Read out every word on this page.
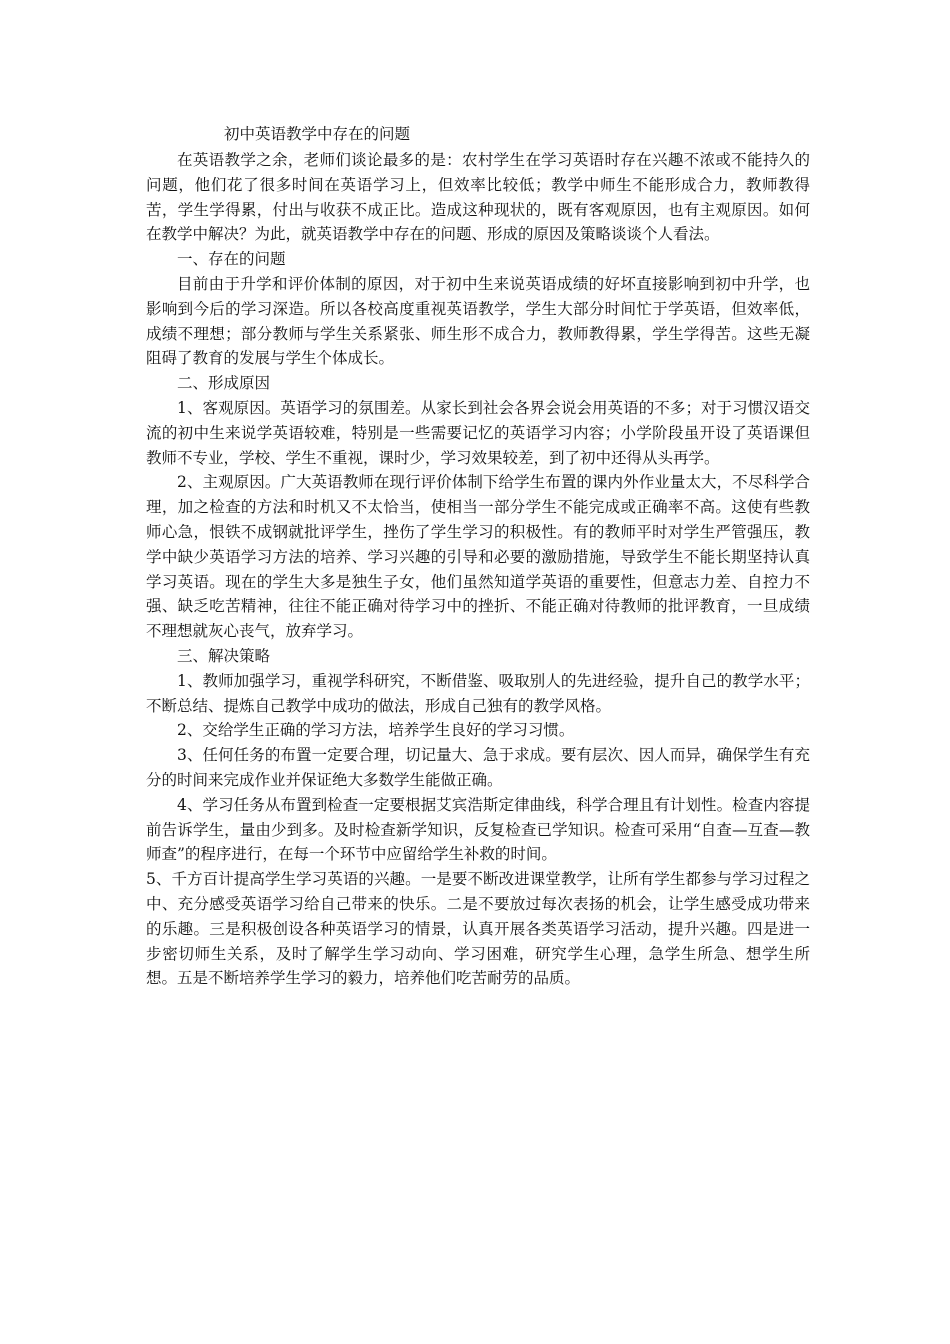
初中英语教学中存在的问题

在英语教学之余，老师们谈论最多的是：农村学生在学习英语时存在兴趣不浓或不能持久的问题，他们花了很多时间在英语学习上，但效率比较低；教学中师生不能形成合力，教师教得苦，学生学得累，付出与收获不成正比。造成这种现状的，既有客观原因，也有主观原因。如何在教学中解决？为此，就英语教学中存在的问题、形成的原因及策略谈谈个人看法。

一、存在的问题

目前由于升学和评价体制的原因，对于初中生来说英语成绩的好坏直接影响到初中升学，也影响到今后的学习深造。所以各校高度重视英语教学，学生大部分时间忙于学英语，但效率低，成绩不理想；部分教师与学生关系紧张、师生形不成合力，教师教得累，学生学得苦。这些无凝阻碍了教育的发展与学生个体成长。

二、形成原因

1、客观原因。英语学习的氛围差。从家长到社会各界会说会用英语的不多；对于习惯汉语交流的初中生来说学英语较难，特别是一些需要记忆的英语学习内容；小学阶段虽开设了英语课但教师不专业，学校、学生不重视，课时少，学习效果较差，到了初中还得从头再学。

2、主观原因。广大英语教师在现行评价体制下给学生布置的课内外作业量太大，不尽科学合理，加之检查的方法和时机又不太恰当，使相当一部分学生不能完成或正确率不高。这使有些教师心急，恨铁不成钢就批评学生，挫伤了学生学习的积极性。有的教师平时对学生严管强压，教学中缺少英语学习方法的培养、学习兴趣的引导和必要的激励措施，导致学生不能长期坚持认真学习英语。现在的学生大多是独生子女，他们虽然知道学英语的重要性，但意志力差、自控力不强、缺乏吃苦精神，往往不能正确对待学习中的挫折、不能正确对待教师的批评教育，一旦成绩不理想就灰心丧气，放弃学习。

三、解决策略

1、教师加强学习，重视学科研究，不断借鉴、吸取别人的先进经验，提升自己的教学水平；不断总结、提炼自己教学中成功的做法，形成自己独有的教学风格。

2、交给学生正确的学习方法，培养学生良好的学习习惯。

3、任何任务的布置一定要合理，切记量大、急于求成。要有层次、因人而异，确保学生有充分的时间来完成作业并保证绝大多数学生能做正确。

4、学习任务从布置到检查一定要根据艾宾浩斯定律曲线，科学合理且有计划性。检查内容提前告诉学生，量由少到多。及时检查新学知识，反复检查已学知识。检查可采用“自查—互查—教师查”的程序进行，在每一个环节中应留给学生补救的时间。

5、千方百计提高学生学习英语的兴趣。一是要不断改进课堂教学，让所有学生都参与学习过程之中、充分感受英语学习给自己带来的快乐。二是不要放过每次表扬的机会，让学生感受成功带来的乐趣。三是积极创设各种英语学习的情景，认真开展各类英语学习活动，提升兴趣。四是进一步密切师生关系，及时了解学生学习动向、学习困难，研究学生心理，急学生所急、想学生所想。五是不断培养学生学习的毅力，培养他们吃苦耐劳的品质。
